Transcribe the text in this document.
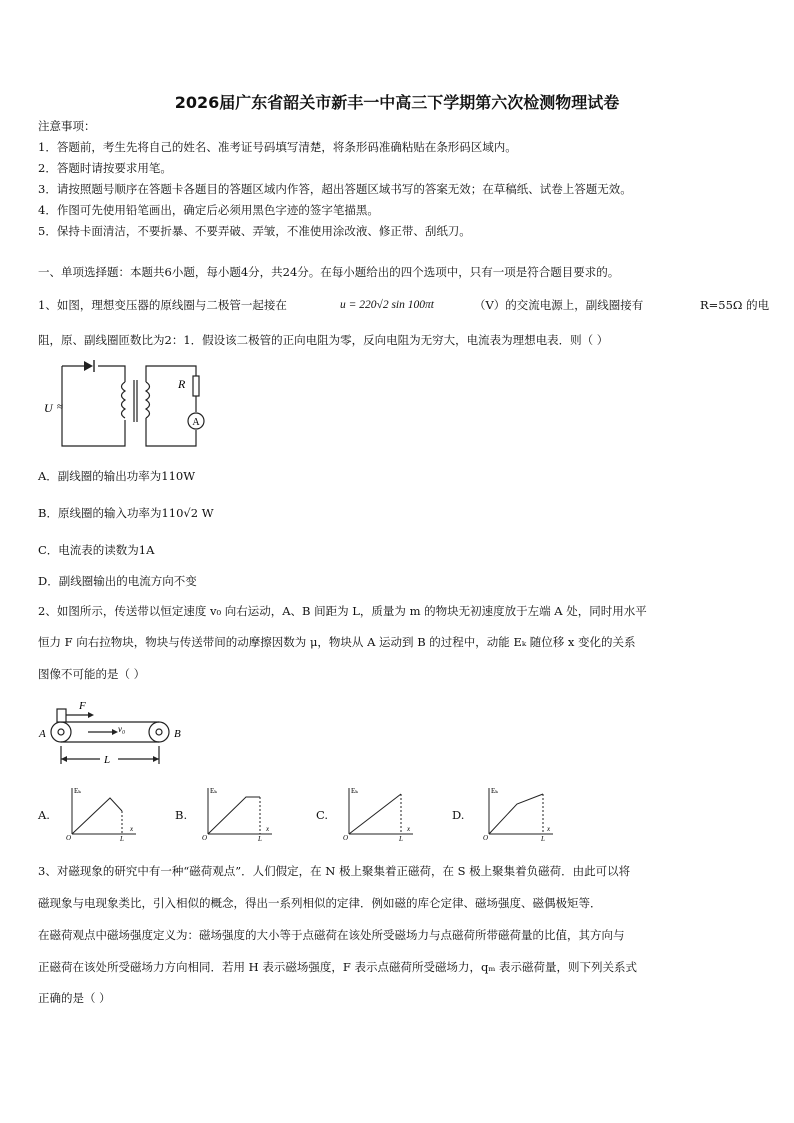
2026届广东省韶关市新丰一中高三下学期第六次检测物理试卷
注意事项：
1．答题前，考生先将自己的姓名、准考证号码填写清楚，将条形码准确粘贴在条形码区域内。
2．答题时请按要求用笔。
3．请按照题号顺序在答题卡各题目的答题区域内作答，超出答题区域书写的答案无效；在草稿纸、试卷上答题无效。
4．作图可先使用铅笔画出，确定后必须用黑色字迹的签字笔描黑。
5．保持卡面清洁，不要折暴、不要弄破、弄皱，不准使用涂改液、修正带、刮纸刀。
一、单项选择题：本题共6小题，每小题4分，共24分。在每小题给出的四个选项中，只有一项是符合题目要求的。
1、如图，理想变压器的原线圈与二极管一起接在	u = 220√2 sin 100πt	（V）的交流电源上，副线圈接有	R=55Ω 的电
阻，原、副线圈匝数比为2：1．假设该二极管的正向电阻为零，反向电阻为无穷大，电流表为理想电表．则（ ）
A
R
U ≈
A．副线圈的输出功率为110W
B．原线圈的输入功率为110√2 W
C．电流表的读数为1A
D．副线圈输出的电流方向不变
2、如图所示，传送带以恒定速度 v₀ 向右运动，A、B 间距为 L，质量为 m 的物块无初速度放于左端 A 处，同时用水平
恒力 F 向右拉物块，物块与传送带间的动摩擦因数为 μ，物块从 A 运动到 B 的过程中，动能 Eₖ 随位移 x 变化的关系
图像不可能的是（ ）
F
v₀
A	B
L
A.	B.	C.	D.
Eₖ
x
O	L
Eₖ
x
O	L
Eₖ
x
O	L
Eₖ
x
O	L
3、对磁现象的研究中有一种“磁荷观点”．人们假定，在 N 极上聚集着正磁荷，在 S 极上聚集着负磁荷．由此可以将
磁现象与电现象类比，引入相似的概念，得出一系列相似的定律．例如磁的库仑定律、磁场强度、磁偶极矩等．
在磁荷观点中磁场强度定义为：磁场强度的大小等于点磁荷在该处所受磁场力与点磁荷所带磁荷量的比值，其方向与
正磁荷在该处所受磁场力方向相同．若用 H 表示磁场强度，F 表示点磁荷所受磁场力，qₘ 表示磁荷量，则下列关系式
正确的是（ ）
